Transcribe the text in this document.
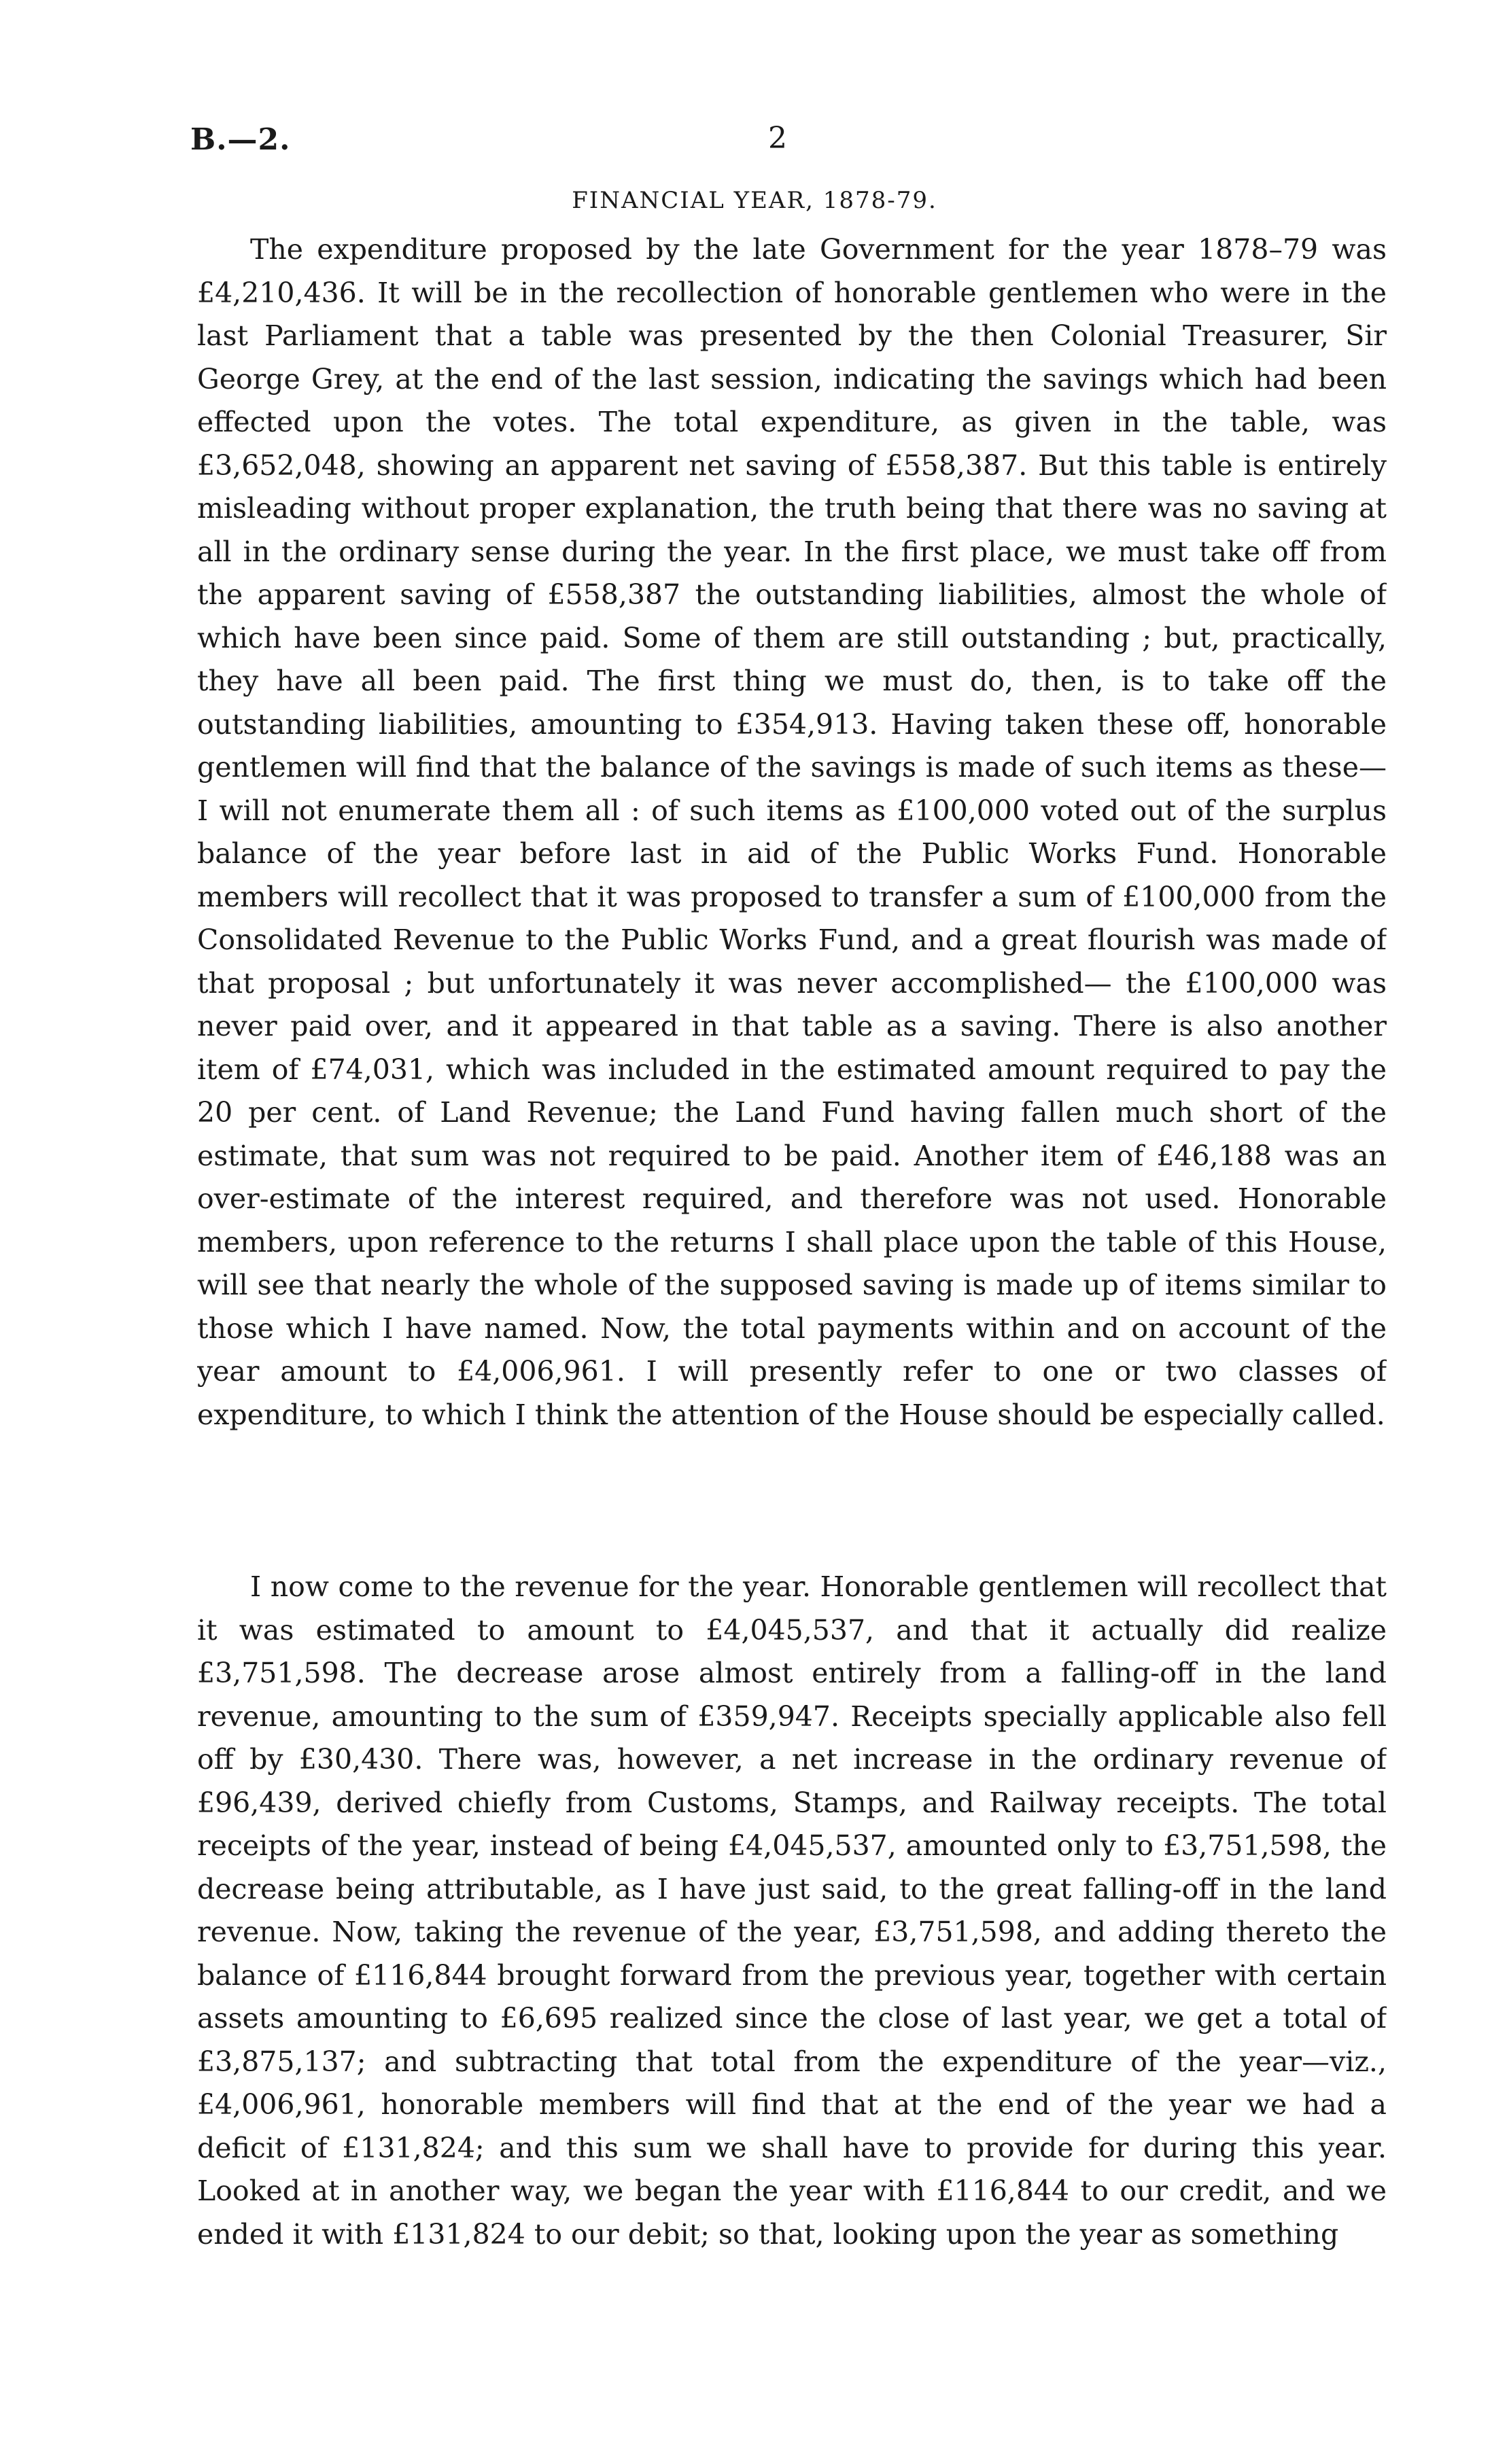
B.—2.	2
FINANCIAL YEAR, 1878-79.

The expenditure proposed by the late Government for the year 1878–79 was £4,210,436. It will be in the recollection of honorable gentlemen who were in the last Parliament that a table was presented by the then Colonial Treasurer, Sir George Grey, at the end of the last session, indicating the savings which had been effected upon the votes. The total expenditure, as given in the table, was £3,652,048, showing an apparent net saving of £558,387. But this table is entirely misleading without proper explanation, the truth being that there was no saving at all in the ordinary sense during the year. In the first place, we must take off from the apparent saving of £558,387 the outstanding liabilities, almost the whole of which have been since paid. Some of them are still outstanding ; but, practically, they have all been paid. The first thing we must do, then, is to take off the outstanding liabilities, amounting to £354,913. Having taken these off, honorable gentlemen will find that the balance of the savings is made of such items as these—I will not enumerate them all : of such items as £100,000 voted out of the surplus balance of the year before last in aid of the Public Works Fund. Honorable members will recollect that it was proposed to transfer a sum of £100,000 from the Consolidated Revenue to the Public Works Fund, and a great flourish was made of that proposal ; but unfortunately it was never accomplished— the £100,000 was never paid over, and it appeared in that table as a saving. There is also another item of £74,031, which was included in the estimated amount required to pay the 20 per cent. of Land Revenue; the Land Fund having fallen much short of the estimate, that sum was not required to be paid. Another item of £46,188 was an over-estimate of the interest required, and therefore was not used. Honorable members, upon reference to the returns I shall place upon the table of this House, will see that nearly the whole of the supposed saving is made up of items similar to those which I have named. Now, the total payments within and on account of the year amount to £4,006,961. I will presently refer to one or two classes of expenditure, to which I think the attention of the House should be especially called.

I now come to the revenue for the year. Honorable gentlemen will recollect that it was estimated to amount to £4,045,537, and that it actually did realize £3,751,598. The decrease arose almost entirely from a falling-off in the land revenue, amounting to the sum of £359,947. Receipts specially applicable also fell off by £30,430. There was, however, a net increase in the ordinary revenue of £96,439, derived chiefly from Customs, Stamps, and Railway receipts. The total receipts of the year, instead of being £4,045,537, amounted only to £3,751,598, the decrease being attributable, as I have just said, to the great falling-off in the land revenue. Now, taking the revenue of the year, £3,751,598, and adding thereto the balance of £116,844 brought forward from the previous year, together with certain assets amounting to £6,695 realized since the close of last year, we get a total of £3,875,137; and subtracting that total from the expenditure of the year—viz., £4,006,961, honorable members will find that at the end of the year we had a deficit of £131,824; and this sum we shall have to provide for during this year. Looked at in another way, we began the year with £116,844 to our credit, and we ended it with £131,824 to our debit; so that, looking upon the year as something
